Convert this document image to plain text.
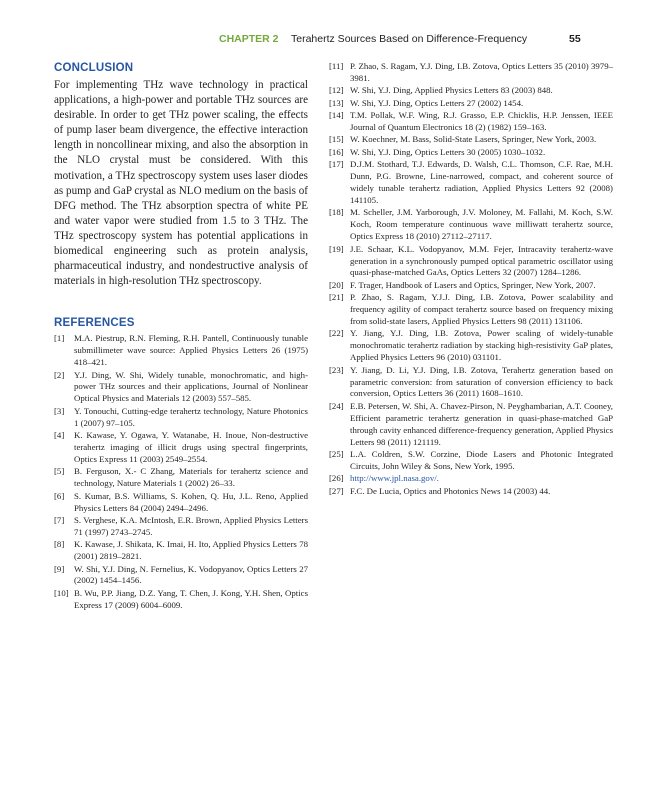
CHAPTER 2 Terahertz Sources Based on Difference-Frequency	55
CONCLUSION

For implementing THz wave technology in practical applications, a high-power and portable THz sources are desirable. In order to get THz power scaling, the effects of pump laser beam divergence, the effective interaction length in noncollinear mixing, and also the absorption in the NLO crystal must be considered. With this motivation, a THz spectroscopy system uses laser diodes as pump and GaP crystal as NLO medium on the basis of DFG method. The THz absorption spectra of white PE and water vapor were studied from 1.5 to 3 THz. The THz spectroscopy system has potential applications in biomedical engineering such as protein analysis, pharmaceutical industry, and nondestructive analysis of materials in high-resolution THz spectroscopy.

REFERENCES
[1]	M.A. Piestrup, R.N. Fleming, R.H. Pantell, Continuously tunable submillimeter wave source: Applied Physics Letters 26 (1975) 418–421.
[2]	Y.J. Ding, W. Shi, Widely tunable, monochromatic, and high-power THz sources and their applications, Journal of Nonlinear Optical Physics and Materials 12 (2003) 557–585.
[3]	Y. Tonouchi, Cutting-edge terahertz technology, Nature Photonics 1 (2007) 97–105.
[4]	K. Kawase, Y. Ogawa, Y. Watanabe, H. Inoue, Non-destructive terahertz imaging of illicit drugs using spectral fingerprints, Optics Express 11 (2003) 2549–2554.
[5]	B. Ferguson, X.- C Zhang, Materials for terahertz science and technology, Nature Materials 1 (2002) 26–33.
[6]	S. Kumar, B.S. Williams, S. Kohen, Q. Hu, J.L. Reno, Applied Physics Letters 84 (2004) 2494–2496.
[7]	S. Verghese, K.A. McIntosh, E.R. Brown, Applied Physics Letters 71 (1997) 2743–2745.
[8]	K. Kawase, J. Shikata, K. Imai, H. Ito, Applied Physics Letters 78 (2001) 2819–2821.
[9]	W. Shi, Y.J. Ding, N. Fernelius, K. Vodopyanov, Optics Letters 27 (2002) 1454–1456.
[10] B. Wu, P.P. Jiang, D.Z. Yang, T. Chen, J. Kong, Y.H. Shen, Optics Express 17 (2009) 6004–6009.
[11] P. Zhao, S. Ragam, Y.J. Ding, I.B. Zotova, Optics Letters 35 (2010) 3979–3981.
[12] W. Shi, Y.J. Ding, Applied Physics Letters 83 (2003) 848.
[13] W. Shi, Y.J. Ding, Optics Letters 27 (2002) 1454.
[14] T.M. Pollak, W.F. Wing, R.J. Grasso, E.P. Chicklis, H.P. Jenssen, IEEE Journal of Quantum Electronics 18 (2) (1982) 159–163.
[15] W. Koechner, M. Bass, Solid-State Lasers, Springer, New York, 2003.
[16] W. Shi, Y.J. Ding, Optics Letters 30 (2005) 1030–1032.
[17] D.J.M. Stothard, T.J. Edwards, D. Walsh, C.L. Thomson, C.F. Rae, M.H. Dunn, P.G. Browne, Line-narrowed, compact, and coherent source of widely tunable terahertz radiation, Applied Physics Letters 92 (2008) 141105.
[18] M. Scheller, J.M. Yarborough, J.V. Moloney, M. Fallahi, M. Koch, S.W. Koch, Room temperature continuous wave milliwatt terahertz source, Optics Express 18 (2010) 27112–27117.
[19] J.E. Schaar, K.L. Vodopyanov, M.M. Fejer, Intracavity terahertz-wave generation in a synchronously pumped optical parametric oscillator using quasi-phase-matched GaAs, Optics Letters 32 (2007) 1284–1286.
[20] F. Trager, Handbook of Lasers and Optics, Springer, New York, 2007.
[21] P. Zhao, S. Ragam, Y.J.J. Ding, I.B. Zotova, Power scalability and frequency agility of compact terahertz source based on frequency mixing from solid-state lasers, Applied Physics Letters 98 (2011) 131106.
[22] Y. Jiang, Y.J. Ding, I.B. Zotova, Power scaling of widely-tunable monochromatic terahertz radiation by stacking high-resistivity GaP plates, Applied Physics Letters 96 (2010) 031101.
[23] Y. Jiang, D. Li, Y.J. Ding, I.B. Zotova, Terahertz generation based on parametric conversion: from saturation of conversion efficiency to back conversion, Optics Letters 36 (2011) 1608–1610.
[24] E.B. Petersen, W. Shi, A. Chavez-Pirson, N. Peyghambarian, A.T. Cooney, Efficient parametric terahertz generation in quasi-phase-matched GaP through cavity enhanced difference-frequency generation, Applied Physics Letters 98 (2011) 121119.
[25] L.A. Coldren, S.W. Corzine, Diode Lasers and Photonic Integrated Circuits, John Wiley & Sons, New York, 1995.
[26] http://www.jpl.nasa.gov/.
[27] F.C. De Lucia, Optics and Photonics News 14 (2003) 44.
